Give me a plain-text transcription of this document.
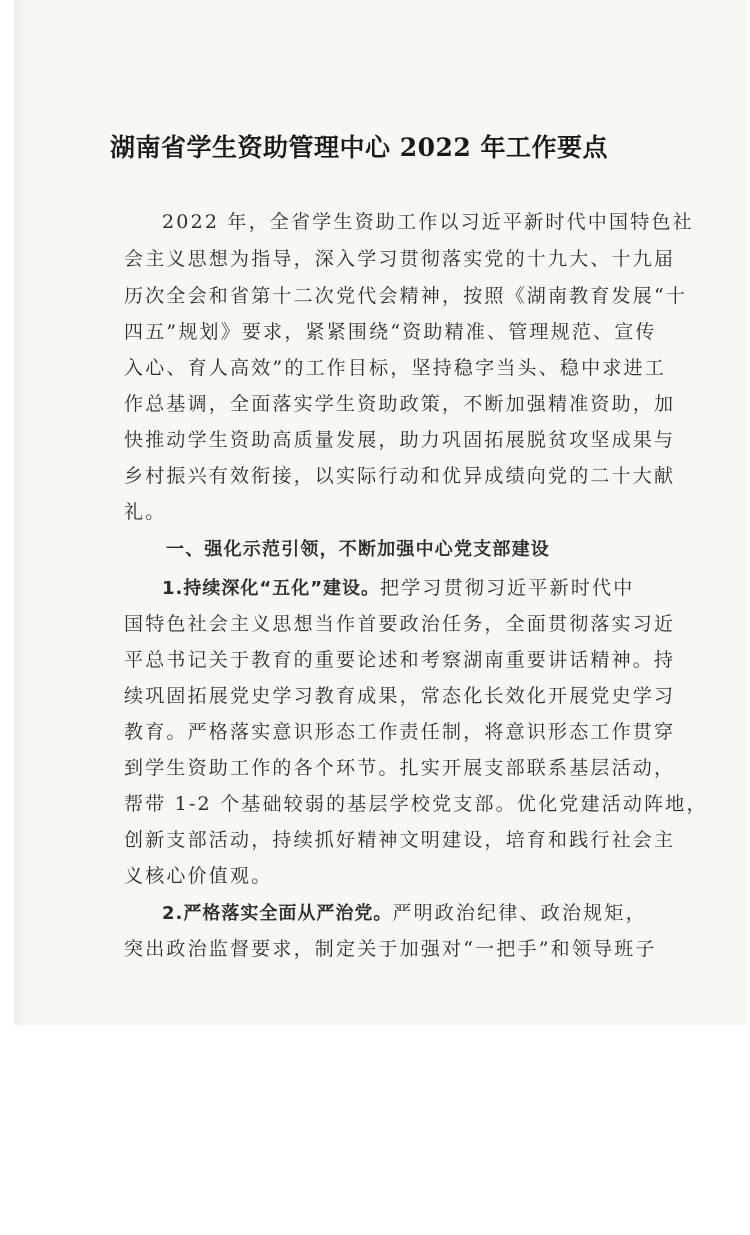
湖南省学生资助管理中心 2022 年工作要点
2022 年，全省学生资助工作以习近平新时代中国特色社
会主义思想为指导，深入学习贯彻落实党的十九大、十九届
历次全会和省第十二次党代会精神，按照《湖南教育发展“十
四五”规划》要求，紧紧围绕“资助精准、管理规范、宣传
入心、育人高效”的工作目标，坚持稳字当头、稳中求进工
作总基调，全面落实学生资助政策，不断加强精准资助，加
快推动学生资助高质量发展，助力巩固拓展脱贫攻坚成果与
乡村振兴有效衔接，以实际行动和优异成绩向党的二十大献
礼。
一、强化示范引领，不断加强中心党支部建设
1.持续深化“五化”建设。把学习贯彻习近平新时代中
国特色社会主义思想当作首要政治任务，全面贯彻落实习近
平总书记关于教育的重要论述和考察湖南重要讲话精神。持
续巩固拓展党史学习教育成果，常态化长效化开展党史学习
教育。严格落实意识形态工作责任制，将意识形态工作贯穿
到学生资助工作的各个环节。扎实开展支部联系基层活动，
帮带 1-2 个基础较弱的基层学校党支部。优化党建活动阵地，
创新支部活动，持续抓好精神文明建设，培育和践行社会主
义核心价值观。
2.严格落实全面从严治党。严明政治纪律、政治规矩，
突出政治监督要求，制定关于加强对“一把手”和领导班子
